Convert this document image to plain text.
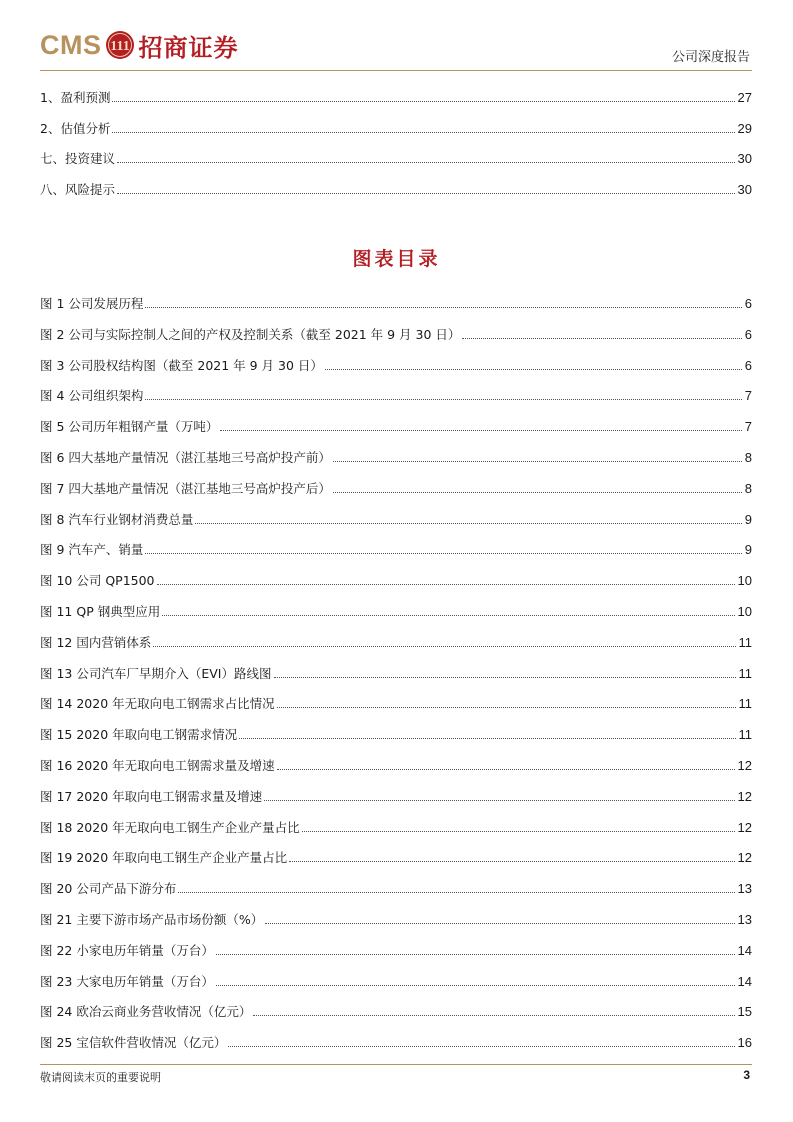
CMS 111 招商证券	公司深度报告
1、盈利预测	27
2、估值分析	29
七、投资建议	30
八、风险提示	30
图表目录
图 1 公司发展历程	6
图 2 公司与实际控制人之间的产权及控制关系（截至 2021 年 9 月 30 日）	6
图 3 公司股权结构图（截至 2021 年 9 月 30 日）	6
图 4 公司组织架构	7
图 5 公司历年粗钢产量（万吨）	7
图 6 四大基地产量情况（湛江基地三号高炉投产前）	8
图 7 四大基地产量情况（湛江基地三号高炉投产后）	8
图 8 汽车行业钢材消费总量	9
图 9 汽车产、销量	9
图 10 公司 QP1500	10
图 11 QP 钢典型应用	10
图 12 国内营销体系	11
图 13 公司汽车厂早期介入（EVI）路线图	11
图 14 2020 年无取向电工钢需求占比情况	11
图 15 2020 年取向电工钢需求情况	11
图 16 2020 年无取向电工钢需求量及增速	12
图 17 2020 年取向电工钢需求量及增速	12
图 18 2020 年无取向电工钢生产企业产量占比	12
图 19 2020 年取向电工钢生产企业产量占比	12
图 20 公司产品下游分布	13
图 21 主要下游市场产品市场份额（%）	13
图 22 小家电历年销量（万台）	14
图 23 大家电历年销量（万台）	14
图 24 欧冶云商业务营收情况（亿元）	15
图 25 宝信软件营收情况（亿元）	16
敬请阅读末页的重要说明	3
